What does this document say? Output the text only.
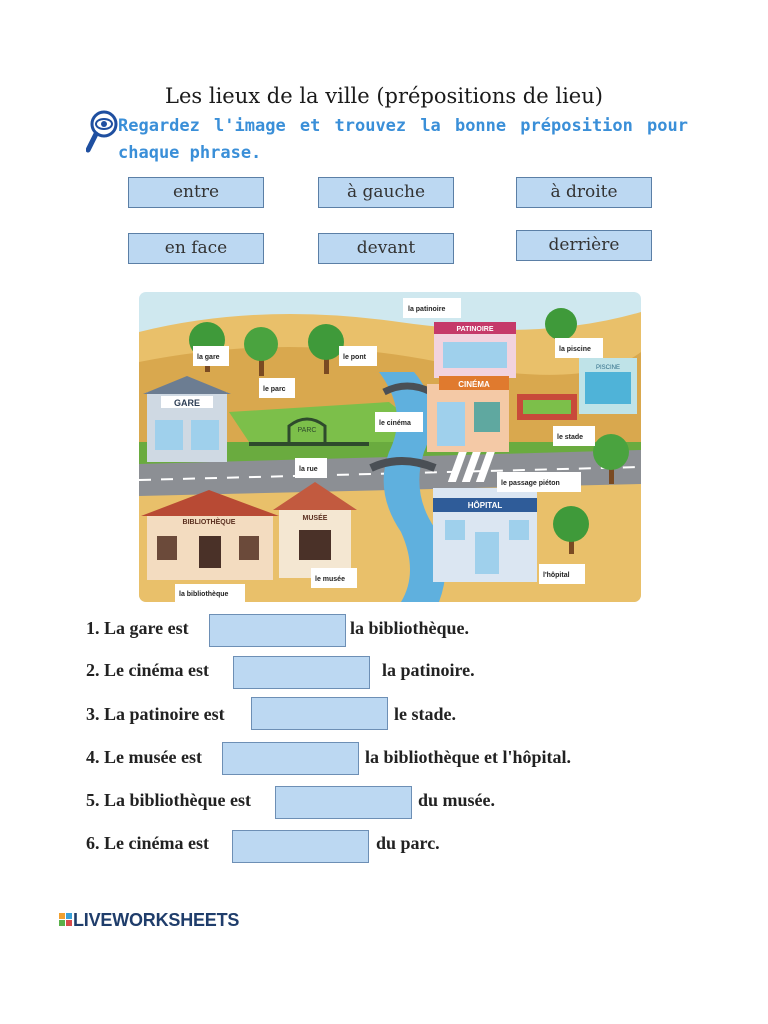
Les lieux de la ville (prépositions de lieu)
Regardez l'image et trouvez la bonne préposition pour chaque phrase.
entre	à gauche	à droite
en face	devant	derrière
PARC
GARE
PATINOIRE
CINÉMA
PISCINE
BIBLIOTHÈQUE
MUSÉE
HÔPITAL
la patinoire
la gare	le pont
la piscine
le parc
le cinéma
le stade
la rue
le passage piéton
le musée
l'hôpital
la bibliothèque
1. La gare est	la bibliothèque.
2. Le cinéma est	la patinoire.
3. La patinoire est	le stade.
4. Le musée est	la bibliothèque et l'hôpital.
5. La bibliothèque est	du musée.
6. Le cinéma est	du parc.
LIVEWORKSHEETS
